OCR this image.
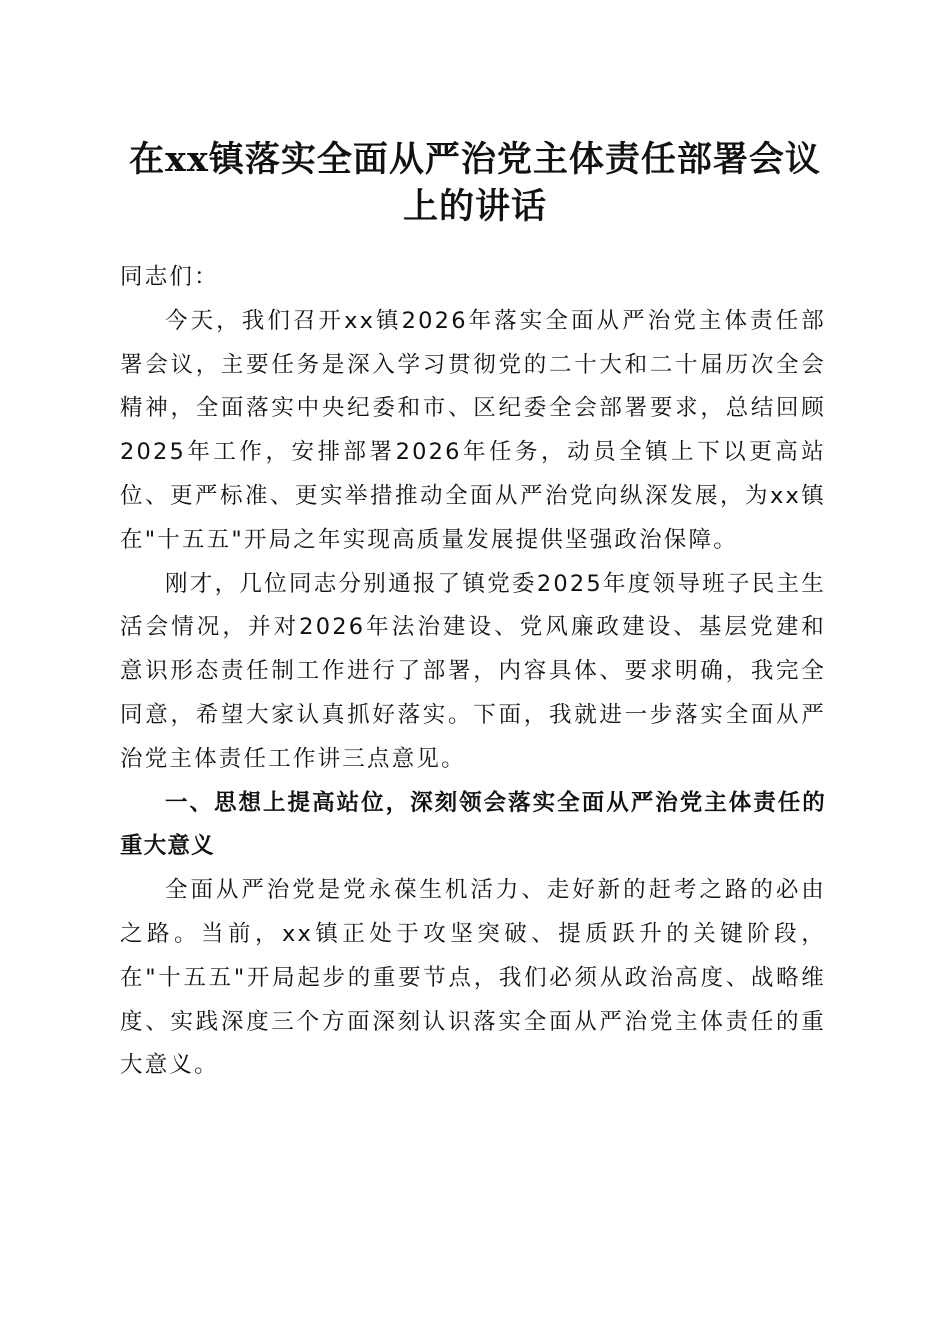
在xx镇落实全面从严治党主体责任部署会议
上的讲话

同志们：

今天，我们召开xx镇2026年落实全面从严治党主体责任部署会议，主要任务是深入学习贯彻党的二十大和二十届历次全会精神，全面落实中央纪委和市、区纪委全会部署要求，总结回顾2025年工作，安排部署2026年任务，动员全镇上下以更高站位、更严标准、更实举措推动全面从严治党向纵深发展，为xx镇在"十五五"开局之年实现高质量发展提供坚强政治保障。

刚才，几位同志分别通报了镇党委2025年度领导班子民主生活会情况，并对2026年法治建设、党风廉政建设、基层党建和意识形态责任制工作进行了部署，内容具体、要求明确，我完全同意，希望大家认真抓好落实。下面，我就进一步落实全面从严治党主体责任工作讲三点意见。

一、思想上提高站位，深刻领会落实全面从严治党主体责任的重大意义

全面从严治党是党永葆生机活力、走好新的赶考之路的必由之路。当前，xx镇正处于攻坚突破、提质跃升的关键阶段，在"十五五"开局起步的重要节点，我们必须从政治高度、战略维度、实践深度三个方面深刻认识落实全面从严治党主体责任的重大意义。
